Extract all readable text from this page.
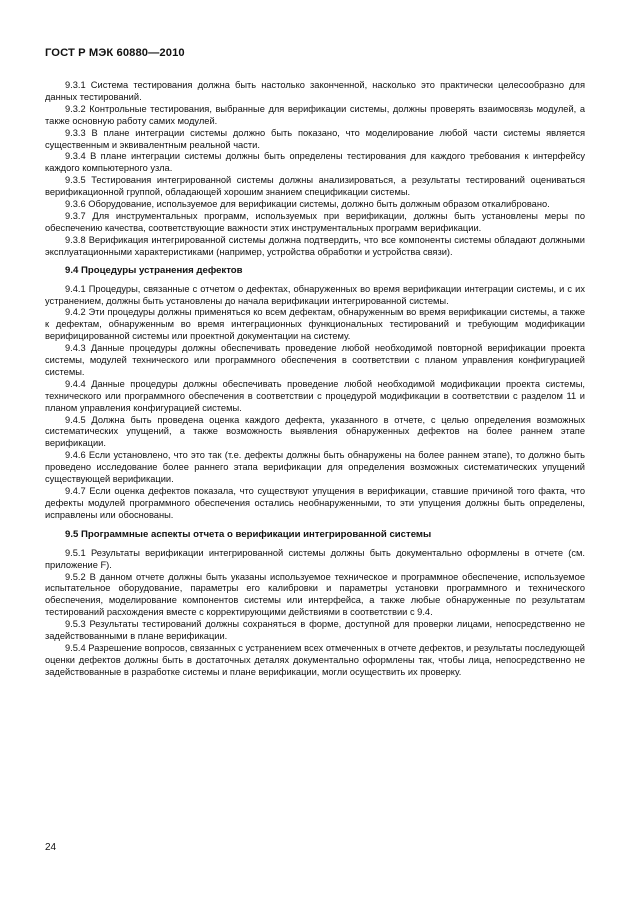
ГОСТ Р МЭК 60880—2010

9.3.1 Система тестирования должна быть настолько законченной, насколько это практически целесообразно для данных тестирований.

9.3.2 Контрольные тестирования, выбранные для верификации системы, должны проверять взаимосвязь модулей, а также основную работу самих модулей.

9.3.3 В плане интеграции системы должно быть показано, что моделирование любой части системы является существенным и эквивалентным реальной части.

9.3.4 В плане интеграции системы должны быть определены тестирования для каждого требования к интерфейсу каждого компьютерного узла.

9.3.5 Тестирования интегрированной системы должны анализироваться, а результаты тестирований оцениваться верификационной группой, обладающей хорошим знанием спецификации системы.

9.3.6 Оборудование, используемое для верификации системы, должно быть должным образом откалибровано.

9.3.7 Для инструментальных программ, используемых при верификации, должны быть установлены меры по обеспечению качества, соответствующие важности этих инструментальных программ верификации.

9.3.8 Верификация интегрированной системы должна подтвердить, что все компоненты системы обладают должными эксплуатационными характеристиками (например, устройства обработки и устройства связи).

9.4 Процедуры устранения дефектов

9.4.1 Процедуры, связанные с отчетом о дефектах, обнаруженных во время верификации интеграции системы, и с их устранением, должны быть установлены до начала верификации интегрированной системы.

9.4.2 Эти процедуры должны применяться ко всем дефектам, обнаруженным во время верификации системы, а также к дефектам, обнаруженным во время интеграционных функциональных тестирований и требующим модификации верифицированной системы или проектной документации на систему.

9.4.3 Данные процедуры должны обеспечивать проведение любой необходимой повторной верификации проекта системы, модулей технического или программного обеспечения в соответствии с планом управления конфигурацией системы.

9.4.4 Данные процедуры должны обеспечивать проведение любой необходимой модификации проекта системы, технического или программного обеспечения в соответствии с процедурой модификации в соответствии с разделом 11 и планом управления конфигурацией системы.

9.4.5 Должна быть проведена оценка каждого дефекта, указанного в отчете, с целью определения возможных систематических упущений, а также возможность выявления обнаруженных дефектов на более раннем этапе верификации.

9.4.6 Если установлено, что это так (т.е. дефекты должны быть обнаружены на более раннем этапе), то должно быть проведено исследование более раннего этапа верификации для определения возможных систематических упущений существующей верификации.

9.4.7 Если оценка дефектов показала, что существуют упущения в верификации, ставшие причиной того факта, что дефекты модулей программного обеспечения остались необнаруженными, то эти упущения должны быть определены, исправлены или обоснованы.

9.5 Программные аспекты отчета о верификации интегрированной системы

9.5.1 Результаты верификации интегрированной системы должны быть документально оформлены в отчете (см. приложение F).

9.5.2 В данном отчете должны быть указаны используемое техническое и программное обеспечение, используемое испытательное оборудование, параметры его калибровки и параметры установки программного и технического обеспечения, моделирование компонентов системы или интерфейса, а также любые обнаруженные по результатам тестирований расхождения вместе с корректирующими действиями в соответствии с 9.4.

9.5.3 Результаты тестирований должны сохраняться в форме, доступной для проверки лицами, непосредственно не задействованными в плане верификации.

9.5.4 Разрешение вопросов, связанных с устранением всех отмеченных в отчете дефектов, и результаты последующей оценки дефектов должны быть в достаточных деталях документально оформлены так, чтобы лица, непосредственно не задействованные в разработке системы и плане верификации, могли осуществить их проверку.

24
